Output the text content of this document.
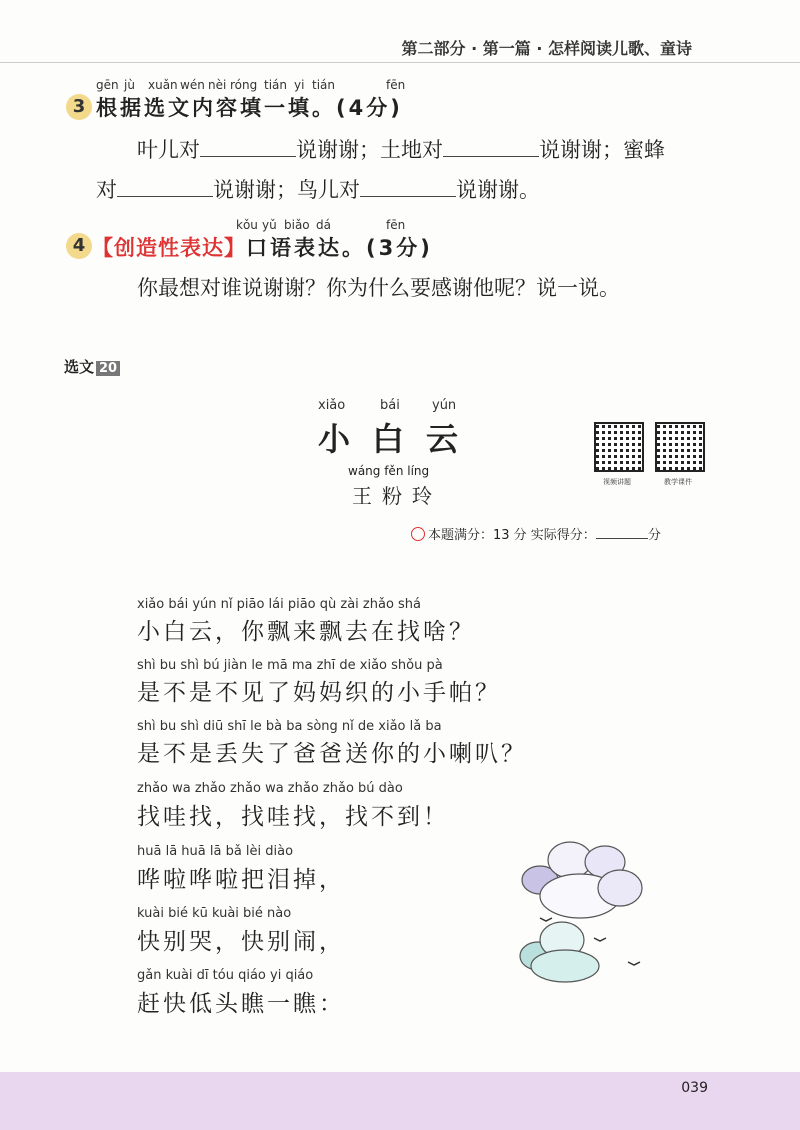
第二部分 · 第一篇 · 怎样阅读儿歌、童诗
gēn jù xuǎn wén nèi róng tián yi tián	fēn
3 根据选文内容填一填。(4分)
叶儿对	说谢谢；土地对	说谢谢；蜜蜂
对	说谢谢；鸟儿对	说谢谢。
kǒu yǔ biǎo dá	fēn
4 【创造性表达】口语表达。(3分)
你最想对谁说谢谢？你为什么要感谢他呢？说一说。
选文 20
xiǎo	bái yún
小白云
wáng fěn líng
王粉玲
视频讲题	教学课件
本题满分：13 分 实际得分：	分
xiǎo bái yún nǐ piāo lái piāo qù zài zhǎo shá
小白云，你飘来飘去在找啥？
shì bu shì bú jiàn le mā ma zhī de xiǎo shǒu pà
是不是不见了妈妈织的小手帕？
shì bu shì diū shī le bà ba sòng nǐ de xiǎo lǎ ba
是不是丢失了爸爸送你的小喇叭？
zhǎo wa zhǎo zhǎo wa zhǎo zhǎo bú dào
找哇找，找哇找，找不到！
huā lā huā lā bǎ lèi diào
哗啦哗啦把泪掉，
kuài bié kū kuài bié nào
快别哭，快别闹，
gǎn kuài dī tóu qiáo yi qiáo
赶快低头瞧一瞧：
039
